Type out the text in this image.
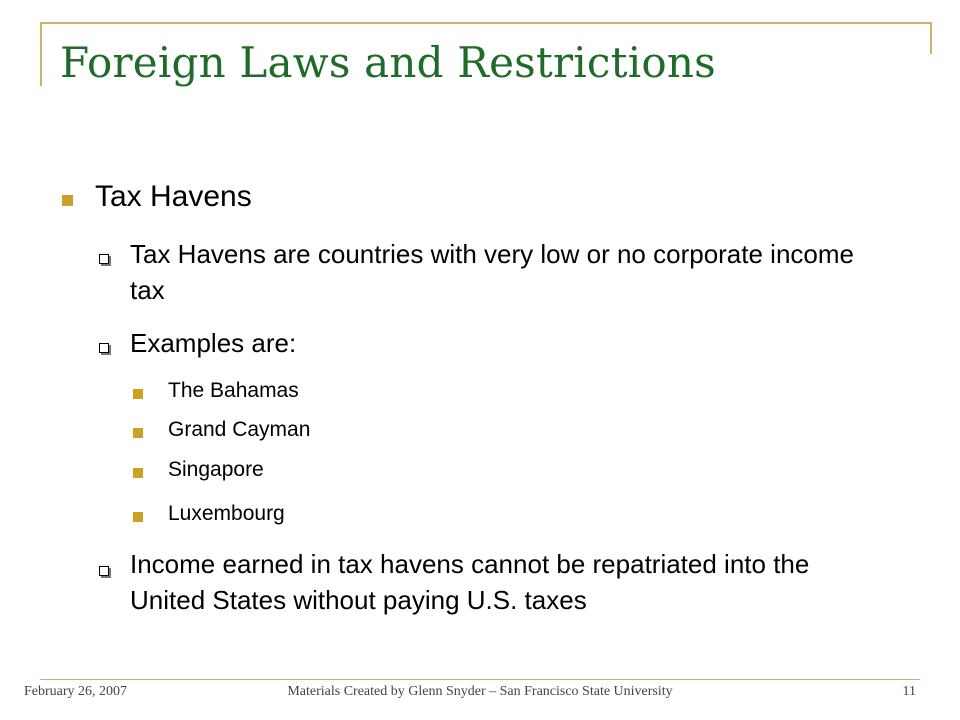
Foreign Laws and Restrictions
Tax Havens
Tax Havens are countries with very low or no corporate income tax
Examples are:
The Bahamas
Grand Cayman
Singapore
Luxembourg
Income earned in tax havens cannot be repatriated into the United States without paying U.S. taxes
February 26, 2007	Materials Created by Glenn Snyder – San Francisco State University	11
